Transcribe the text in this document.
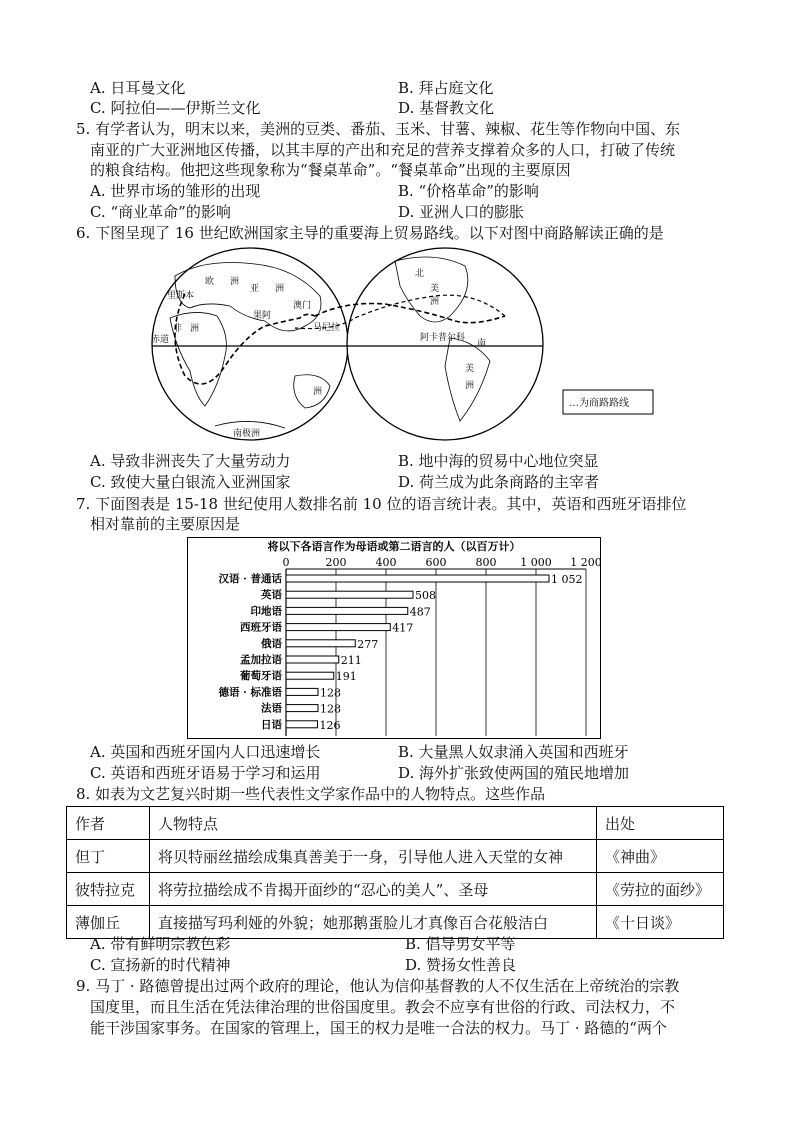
A. 日耳曼文化	B. 拜占庭文化
C. 阿拉伯——伊斯兰文化	D. 基督教文化
5. 有学者认为，明末以来，美洲的豆类、番茄、玉米、甘薯、辣椒、花生等作物向中国、东
南亚的广大亚洲地区传播，以其丰厚的产出和充足的营养支撑着众多的人口，打破了传统
的粮食结构。他把这些现象称为“餐桌革命”。“餐桌革命”出现的主要原因
A. 世界市场的雏形的出现	B. “价格革命”的影响
C. “商业革命”的影响	D. 亚洲人口的膨胀
6. 下图呈现了 16 世纪欧洲国家主导的重要海上贸易路线。以下对图中商路解读正确的是
欧 洲
亚 洲
里斯本
澳门
果阿
马尼拉
非 洲
洲
南极洲
赤道
北
美
洲
阿卡普尔科
南
美
洲
…为商路路线
A. 导致非洲丧失了大量劳动力	B. 地中海的贸易中心地位突显
C. 致使大量白银流入亚洲国家	D. 荷兰成为此条商路的主宰者
7. 下面图表是 15-18 世纪使用人数排名前 10 位的语言统计表。其中，英语和西班牙语排位
相对靠前的主要原因是
将以下各语言作为母语或第二语言的人（以百万计）
0	200	400	600	800 1 000 1 200
汉语 · 普通话	1 052
英语	508
印地语	487
西班牙语	417
俄语	277
孟加拉语	211
葡萄牙语	191
德语 · 标准语	128
法语	128
日语	126
A. 英国和西班牙国内人口迅速增长	B. 大量黑人奴隶涌入英国和西班牙
C. 英语和西班牙语易于学习和运用	D. 海外扩张致使两国的殖民地增加
8. 如表为文艺复兴时期一些代表性文学家作品中的人物特点。这些作品
作者	人物特点	出处
但丁	将贝特丽丝描绘成集真善美于一身，引导他人进入天堂的女神	《神曲》
彼特拉克	将劳拉描绘成不肯揭开面纱的“忍心的美人”、圣母	《劳拉的面纱》
薄伽丘	直接描写玛利娅的外貌；她那鹅蛋脸儿才真像百合花般洁白	《十日谈》
A. 带有鲜明宗教色彩	B. 倡导男女平等
C. 宣扬新的时代精神	D. 赞扬女性善良
9. 马丁 · 路德曾提出过两个政府的理论，他认为信仰基督教的人不仅生活在上帝统治的宗教
国度里，而且生活在凭法律治理的世俗国度里。教会不应享有世俗的行政、司法权力，不
能干涉国家事务。在国家的管理上，国王的权力是唯一合法的权力。马丁 · 路德的“两个
